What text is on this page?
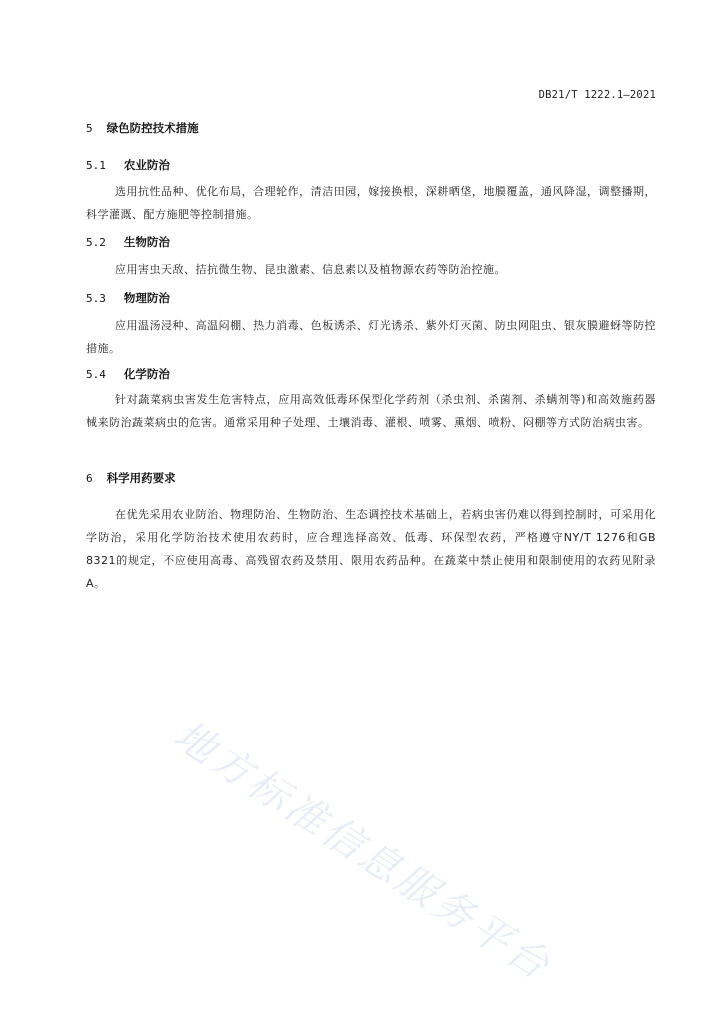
DB21/T 1222.1—2021
5 绿色防控技术措施
5.1 农业防治
选用抗性品种、优化布局，合理轮作，清洁田园，嫁接换根，深耕晒垡，地膜覆盖，通风降湿，调整播期，科学灌溉、配方施肥等控制措施。
5.2 生物防治
应用害虫天敌、拮抗微生物、昆虫激素、信息素以及植物源农药等防治控施。
5.3 物理防治
应用温汤浸种、高温闷棚、热力消毒、色板诱杀、灯光诱杀、紫外灯灭菌、防虫网阻虫、银灰膜避蚜等防控措施。
5.4 化学防治
针对蔬菜病虫害发生危害特点，应用高效低毒环保型化学药剂（杀虫剂、杀菌剂、杀螨剂等)和高效施药器械来防治蔬菜病虫的危害。通常采用种子处理、土壤消毒、灌根、喷雾、熏烟、喷粉、闷棚等方式防治病虫害。
6 科学用药要求
在优先采用农业防治、物理防治、生物防治、生态调控技术基础上，若病虫害仍难以得到控制时，可采用化学防治，采用化学防治技术使用农药时，应合理选择高效、低毒、环保型农药，严格遵守NY/T 1276和GB 8321的规定，不应使用高毒、高残留农药及禁用、限用农药品种。在蔬菜中禁止使用和限制使用的农药见附录A。
地方标准信息服务平台
